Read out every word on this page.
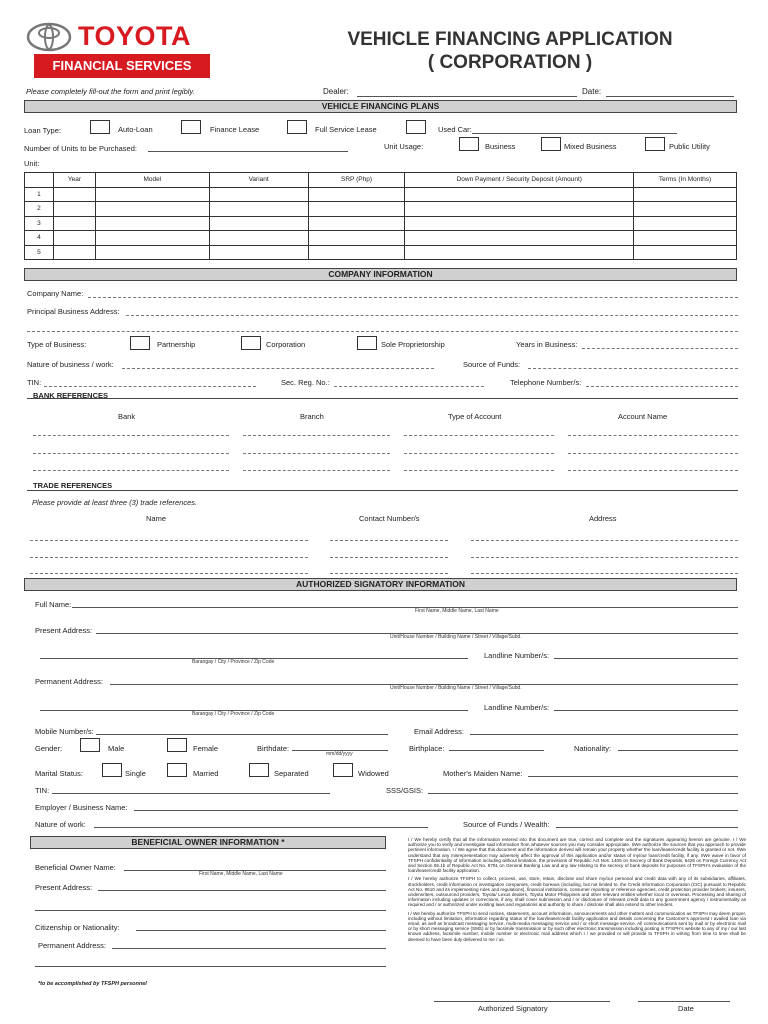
TOYOTA
FINANCIAL SERVICES
VEHICLE FINANCING APPLICATION
( CORPORATION )
Please completely fill-out the form and print legibly.	Dealer:	Date:
VEHICLE FINANCING PLANS
Loan Type:	Auto-Loan	Finance Lease	Full Service Lease	Used Car:
Number of Units to be Purchased:	Unit Usage:	Business	Mixed Business	Public Utility
Unit:
	Year	Model	Variant	SRP (Php)	Down Payment / Security Deposit (Amount)	Terms (In Months)
1						
2						
3						
4						
5						
COMPANY INFORMATION
Company Name:
Principal Business Address:
Type of Business:	Partnership	Corporation	Sole Proprietorship	Years in Business:
Nature of business / work:	Source of Funds:
TIN:	Sec. Reg. No.:	Telephone Number/s:
BANK REFERENCES
Bank	Branch	Type of Account	Account Name
TRADE REFERENCES
Please provide at least three (3) trade references.
Name	Contact Number/s	Address
AUTHORIZED SIGNATORY INFORMATION
Full Name:
First Name, Middle Name, Last Name
Present Address:
Unit/House Number / Building Name / Street / Village/Subd.
Barangay / City / Province / Zip Code
Landline Number/s:
Permanent Address:
Unit/House Number / Building Name / Street / Village/Subd.
Barangay / City / Province / Zip Code
Landline Number/s:
Mobile Number/s:	Email Address:
Gender:	Male	Female	Birthdate:
mm/dd/yyyy
Birthplace:	Nationality:
Marital Status:	Single	Married	Separated	Widowed	Mother's Maiden Name:
TIN:	SSS/GSIS:
Employer / Business Name:
Nature of work:	Source of Funds / Wealth:
BENEFICIAL OWNER INFORMATION *
Beneficial Owner Name:
First Name, Middle Name, Last Name
Present Address:
Citizenship or Nationality:
Permanent Address:
*to be accomplished by TFSPH personnel
I / We hereby certify that all the information entered into this document are true, correct and complete and the signatures appearing hereon are genuine. I / We authorize you to verify and investigate said information from whatever sources you may consider appropriate. I/We authorize the sources that you approach to provide pertinent information. I / We agree that this document and the information derived will remain your property whether the loan/lease/credit facility is granted or not. I/We understand that any misrepresentation may adversely affect the approval of this application and/or status of my/our loan/credit facility, if any. I/We waive in favor of TFSPH confidentiality of information including without limitation, the provisions of Republic Act Nos. 1405 on Secrecy of Bank Deposits, 6426 on Foreign Currency Act and Section 55.1b of Republic Act No. 8791 on General Banking Law and any law relating to the secrecy of bank deposits for purposes of TFSPH's evaluation of the loan/lease/credit facility application.
I / We hereby authorize TFSPH to collect, process, use, store, retain, disclose and share my/our personal and credit data with any of its subsidiaries, affiliates, stockholders, credit information or investigation companies, credit bureaus (including, but not limited to, the Credit Information Corporation (CIC) pursuant to Republic Act No. 9510 and its implementing rules and regulations), financial institutions, consumer reporting or reference agencies, credit protection provider brokers, insurers, underwriters, outsourced providers, Toyota/ Lexus dealers, Toyota Motor Philippines and other relevant entities whether local or overseas. Processing and sharing of information including updates or corrections, if any, shall cover submission and / or disclosure of relevant credit data to any government agency / instrumentality as required and / or authorized under existing laws and regulations and authority to share / disclose shall also extend to other lenders.
I / We hereby authorize TFSPH to send notices, statements, account information, announcements and other matters and communication as TFSPH may deem proper, including without limitation, information regarding status of the loan/lease/credit facility application and details concerning the Customer's approved / availed loan via email, as well as broadcast messaging service, multi-media messaging service and / or short message service. All communications sent by mail or by electronic mail or by short messaging service (SMS) or by facsimile transmission or by such other electronic transmission including posting in TFSPH's website to any of my / our last known address, facsimile number, mobile number or electronic mail address which I / we provided or will provide to TFSPH in writing from time to time shall be deemed to have been duly delivered to me / us.
Authorized Signatory	Date
